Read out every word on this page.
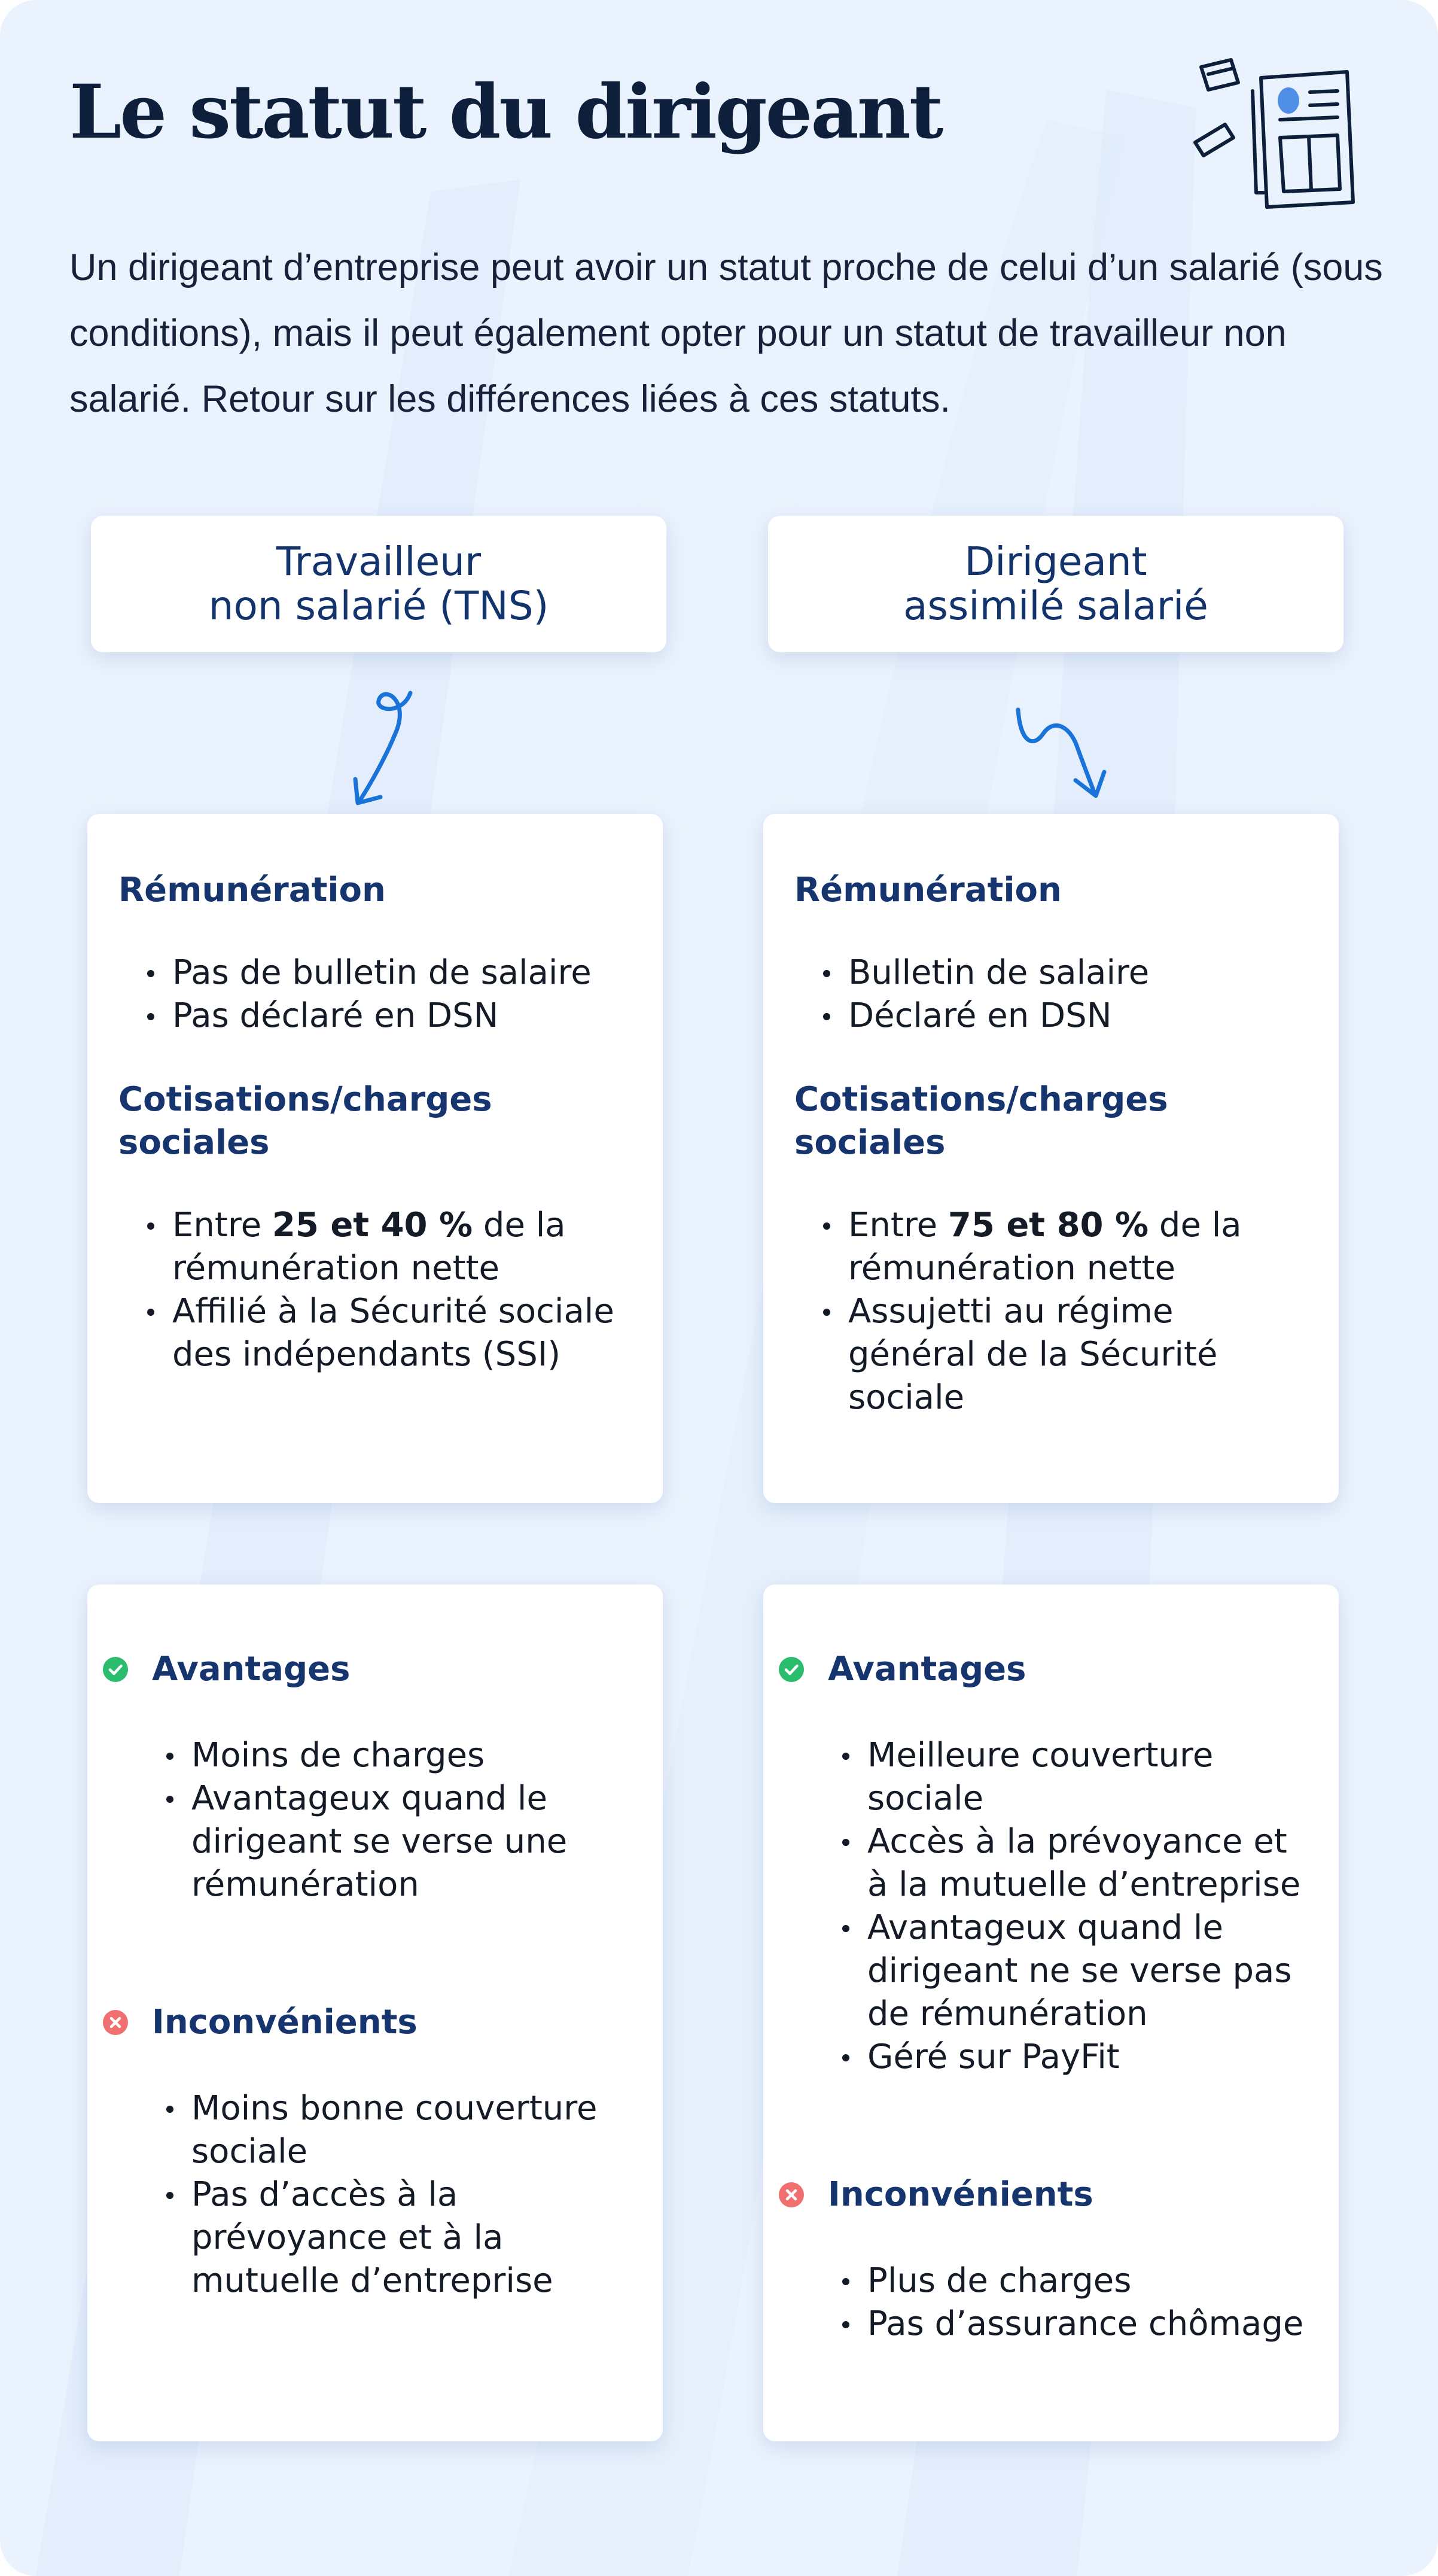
Le statut du dirigeant

Un dirigeant d’entreprise peut avoir un statut proche de celui d’un salarié (sous conditions), mais il peut également opter pour un statut de travailleur non salarié. Retour sur les différences liées à ces statuts.

Travailleur
non salarié (TNS)
Dirigeant
assimilé salarié
Rémunération
Pas de bulletin de salaire
Pas déclaré en DSN
Cotisations/charges sociales
Entre 25 et 40 % de la rémunération nette
Affilié à la Sécurité sociale des indépendants (SSI)
Rémunération
Bulletin de salaire
Déclaré en DSN
Cotisations/charges sociales
Entre 75 et 80 % de la rémunération nette
Assujetti au régime général de la Sécurité sociale
Avantages
Moins de charges
Avantageux quand le dirigeant se verse une rémunération
Inconvénients
Moins bonne couverture sociale
Pas d’accès à la prévoyance et à la mutuelle d’entreprise
Avantages
Meilleure couverture sociale
Accès à la prévoyance et à la mutuelle d’entreprise
Avantageux quand le dirigeant ne se verse pas de rémunération
Géré sur PayFit
Inconvénients
Plus de charges
Pas d’assurance chômage
